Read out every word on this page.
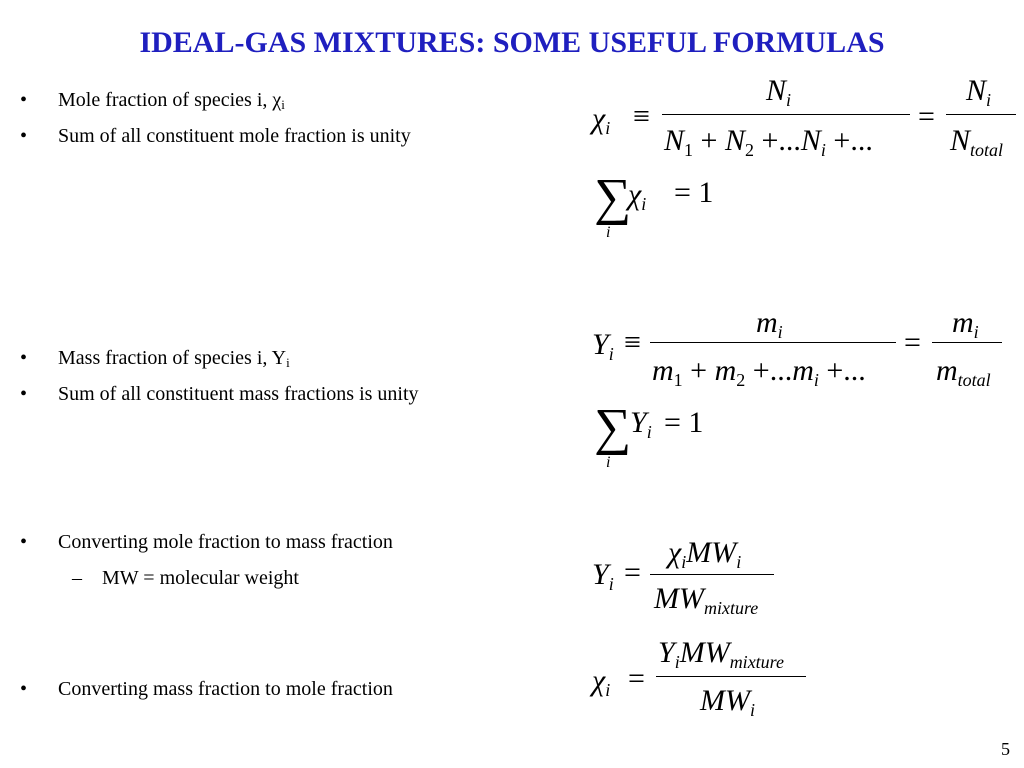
IDEAL-GAS MIXTURES: SOME USEFUL FORMULAS
• Mole fraction of species i, $\chi_i$
• Sum of all constituent mole fraction is unity
• Mass fraction of species i, $Y_i$
• Sum of all constituent mass fractions is unity
• Converting mole fraction to mass fraction
– MW = molecular weight
• Converting mass fraction to mole fraction
$\chi_i$ ≡
$N_i$
$N_1 + N_2 +...N_i$ +...
=
$N_i$
$N_{total}$
∑
i
$\chi_i = 1$
$Y_i$ ≡
$m_i$
$m_1 + m_2 +...m_i$ +...
=
$m_i$
$m_{total}$
∑
i
$Y_i = 1$
$Y_i$ =
$\chi_iMW_i$
$MW_{mixture}$
$\chi_i$ =
$Y_iMW_{mixture}$
$MW_i$
5
